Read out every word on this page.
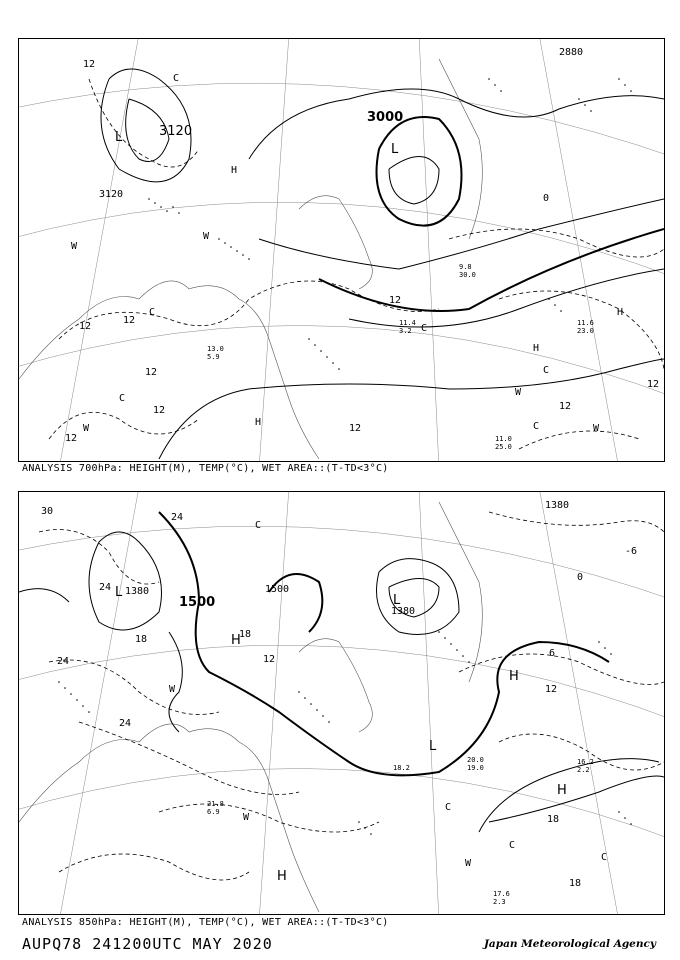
3120
3000
2880
3120
12
12
12
12
12
12
12
12
0
12
12
L
L
H
H
H
H
W
W
W
W
W
C
C
C
C
C
C
11.6
23.0
11.0
25.0
9.8
30.0
11.4
3.2
13.0
5.9
ANALYSIS 700hPa: HEIGHT(M), TEMP(°C), WET AREA::(T-TD<3°C)
1380
1500
1500
1380
1380
30
24
24
24
24
18	18
18
18
12
12
6
0
-6
L
L
L
H
H
H
H
W
W
W
C
C
C
C
16.2
2.2
17.6
2.3
20.0
19.0
18.2
21.8
6.9
ANALYSIS 850hPa: HEIGHT(M), TEMP(°C), WET AREA::(T-TD<3°C)
AUPQ78 241200UTC MAY 2020	Japan Meteorological Agency
